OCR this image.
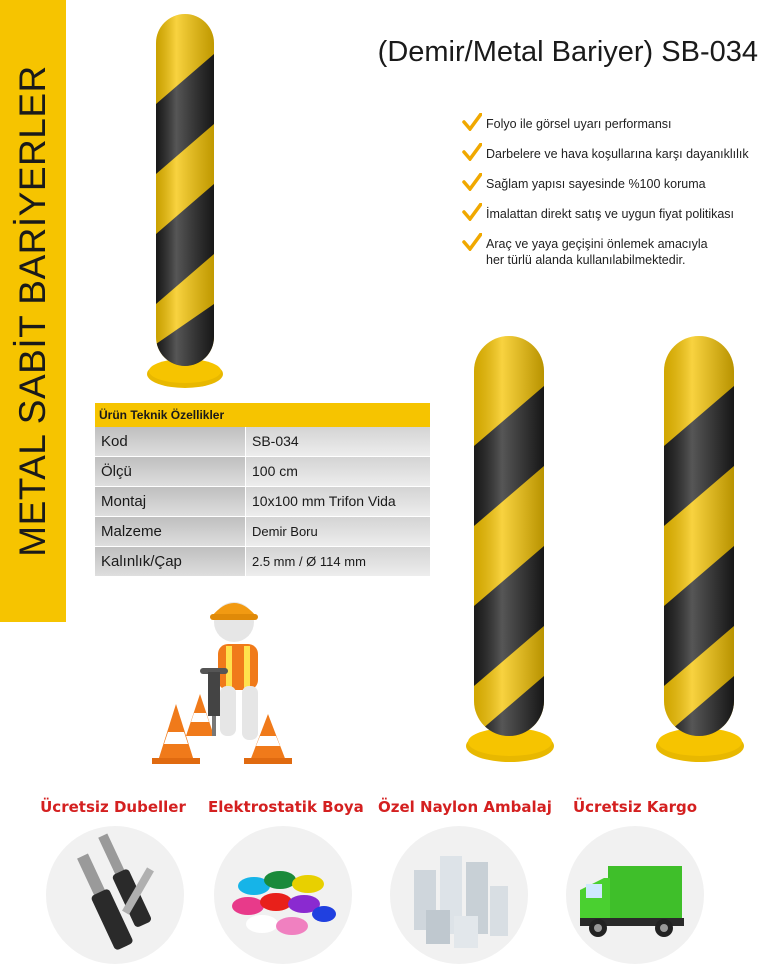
METAL SABİT BARİYERLER
(Demir/Metal Bariyer) SB-034
Folyo ile görsel uyarı performansı
Darbelere ve hava koşullarına karşı dayanıklılık
Sağlam yapısı sayesinde %100 koruma
İmalattan direkt satış ve uygun fiyat politikası
Araç ve yaya geçişini önlemek amacıyla
her türlü alanda kullanılabilmektedir.
Ürün Teknik Özellikler
Kod	SB-034
Ölçü	100 cm
Montaj	10x100 mm Trifon Vida
Malzeme	Demir Boru
Kalınlık/Çap	2.5 mm / Ø 114 mm
Ücretsiz Dubeller Elektrostatik Boya Özel Naylon Ambalaj	Ücretsiz Kargo
